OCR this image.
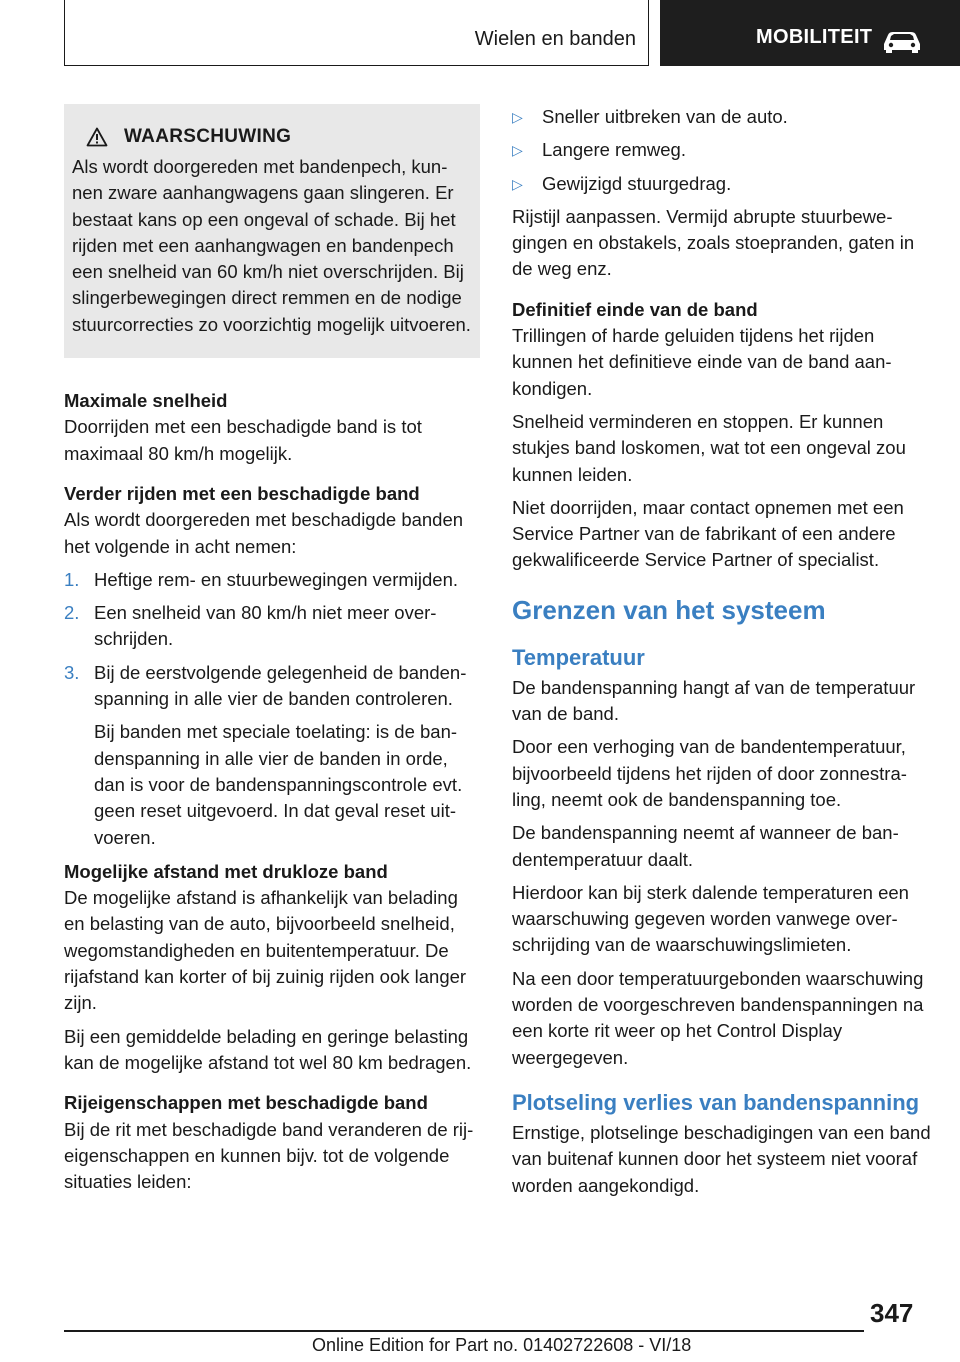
Wielen en banden	MOBILITEIT
WAARSCHUWING

Als wordt doorgereden met bandenpech, kunnen zware aanhangwagens gaan slingeren. Er bestaat kans op een ongeval of schade. Bij het rijden met een aanhangwagen en bandenpech een snelheid van 60 km/h niet overschrijden. Bij slingerbewegingen direct remmen en de nodige stuurcorrecties zo voorzichtig mogelijk uitvoeren.

Maximale snelheid

Doorrijden met een beschadigde band is tot maximaal 80 km/h mogelijk.

Verder rijden met een beschadigde band

Als wordt doorgereden met beschadigde banden het volgende in acht nemen:

1. Heftige rem- en stuurbewegingen vermijden.
2. Een snelheid van 80 km/h niet meer overschrijden.
3. Bij de eerstvolgende gelegenheid de bandenspanning in alle vier de banden controleren.

Bij banden met speciale toelating: is de bandenspanning in alle vier de banden in orde, dan is voor de bandenspanningscontrole evt. geen reset uitgevoerd. In dat geval reset uitvoeren.

Mogelijke afstand met drukloze band

De mogelijke afstand is afhankelijk van belading en belasting van de auto, bijvoorbeeld snelheid, wegomstandigheden en buitentemperatuur. De rijafstand kan korter of bij zuinig rijden ook langer zijn.

Bij een gemiddelde belading en geringe belasting kan de mogelijke afstand tot wel 80 km bedragen.

Rijeigenschappen met beschadigde band

Bij de rit met beschadigde band veranderen de rij-eigenschappen en kunnen bijv. tot de volgende situaties leiden:

▷	Sneller uitbreken van de auto.
▷	Langere remweg.
▷	Gewijzigd stuurgedrag.

Rijstijl aanpassen. Vermijd abrupte stuurbewegingen en obstakels, zoals stoepranden, gaten in de weg enz.

Definitief einde van de band

Trillingen of harde geluiden tijdens het rijden kunnen het definitieve einde van de band aankondigen.

Snelheid verminderen en stoppen. Er kunnen stukjes band loskomen, wat tot een ongeval zou kunnen leiden.

Niet doorrijden, maar contact opnemen met een Service Partner van de fabrikant of een andere gekwalificeerde Service Partner of specialist.

Grenzen van het systeem
Temperatuur

De bandenspanning hangt af van de temperatuur van de band.

Door een verhoging van de bandentemperatuur, bijvoorbeeld tijdens het rijden of door zonnestraling, neemt ook de bandenspanning toe.

De bandenspanning neemt af wanneer de bandentemperatuur daalt.

Hierdoor kan bij sterk dalende temperaturen een waarschuwing gegeven worden vanwege overschrijding van de waarschuwingslimieten.

Na een door temperatuurgebonden waarschuwing worden de voorgeschreven bandenspanningen na een korte rit weer op het Control Display weergegeven.

Plotseling verlies van bandenspanning

Ernstige, plotselinge beschadigingen van een band van buitenaf kunnen door het systeem niet vooraf worden aangekondigd.

347
Online Edition for Part no. 01402722608 - VI/18
